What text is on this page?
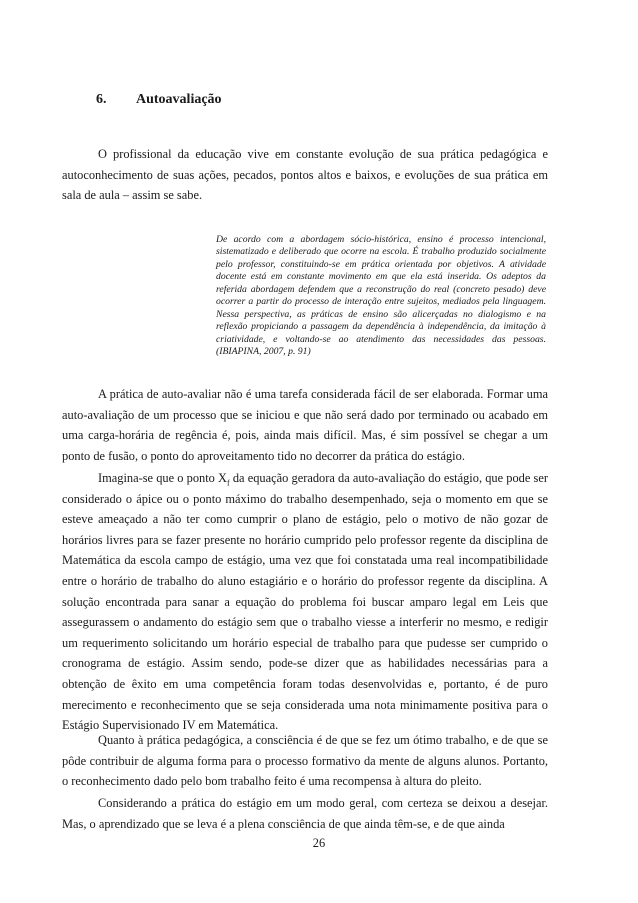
6. Autoavaliação

O profissional da educação vive em constante evolução de sua prática pedagógica e autoconhecimento de suas ações, pecados, pontos altos e baixos, e evoluções de sua prática em sala de aula – assim se sabe.

De acordo com a abordagem sócio-histórica, ensino é processo intencional, sistematizado e deliberado que ocorre na escola. É trabalho produzido socialmente pelo professor, constituindo-se em prática orientada por objetivos. A atividade docente está em constante movimento em que ela está inserida. Os adeptos da referida abordagem defendem que a reconstrução do real (concreto pesado) deve ocorrer a partir do processo de interação entre sujeitos, mediados pela linguagem. Nessa perspectiva, as práticas de ensino são alicerçadas no dialogismo e na reflexão propiciando a passagem da dependência à independência, da imitação à criatividade, e voltando-se ao atendimento das necessidades das pessoas. (IBIAPINA, 2007, p. 91)

A prática de auto-avaliar não é uma tarefa considerada fácil de ser elaborada. Formar uma auto-avaliação de um processo que se iniciou e que não será dado por terminado ou acabado em uma carga-horária de regência é, pois, ainda mais difícil. Mas, é sim possível se chegar a um ponto de fusão, o ponto do aproveitamento tido no decorrer da prática do estágio.

Imagina-se que o ponto $X_f$ da equação geradora da auto-avaliação do estágio, que pode ser considerado o ápice ou o ponto máximo do trabalho desempenhado, seja o momento em que se esteve ameaçado a não ter como cumprir o plano de estágio, pelo o motivo de não gozar de horários livres para se fazer presente no horário cumprido pelo professor regente da disciplina de Matemática da escola campo de estágio, uma vez que foi constatada uma real incompatibilidade entre o horário de trabalho do aluno estagiário e o horário do professor regente da disciplina. A solução encontrada para sanar a equação do problema foi buscar amparo legal em Leis que assegurassem o andamento do estágio sem que o trabalho viesse a interferir no mesmo, e redigir um requerimento solicitando um horário especial de trabalho para que pudesse ser cumprido o cronograma de estágio. Assim sendo, pode-se dizer que as habilidades necessárias para a obtenção de êxito em uma competência foram todas desenvolvidas e, portanto, é de puro merecimento e reconhecimento que se seja considerada uma nota minimamente positiva para o Estágio Supervisionado IV em Matemática.

Quanto à prática pedagógica, a consciência é de que se fez um ótimo trabalho, e de que se pôde contribuir de alguma forma para o processo formativo da mente de alguns alunos. Portanto, o reconhecimento dado pelo bom trabalho feito é uma recompensa à altura do pleito.

Considerando a prática do estágio em um modo geral, com certeza se deixou a desejar. Mas, o aprendizado que se leva é a plena consciência de que ainda têm-se, e de que ainda

26
